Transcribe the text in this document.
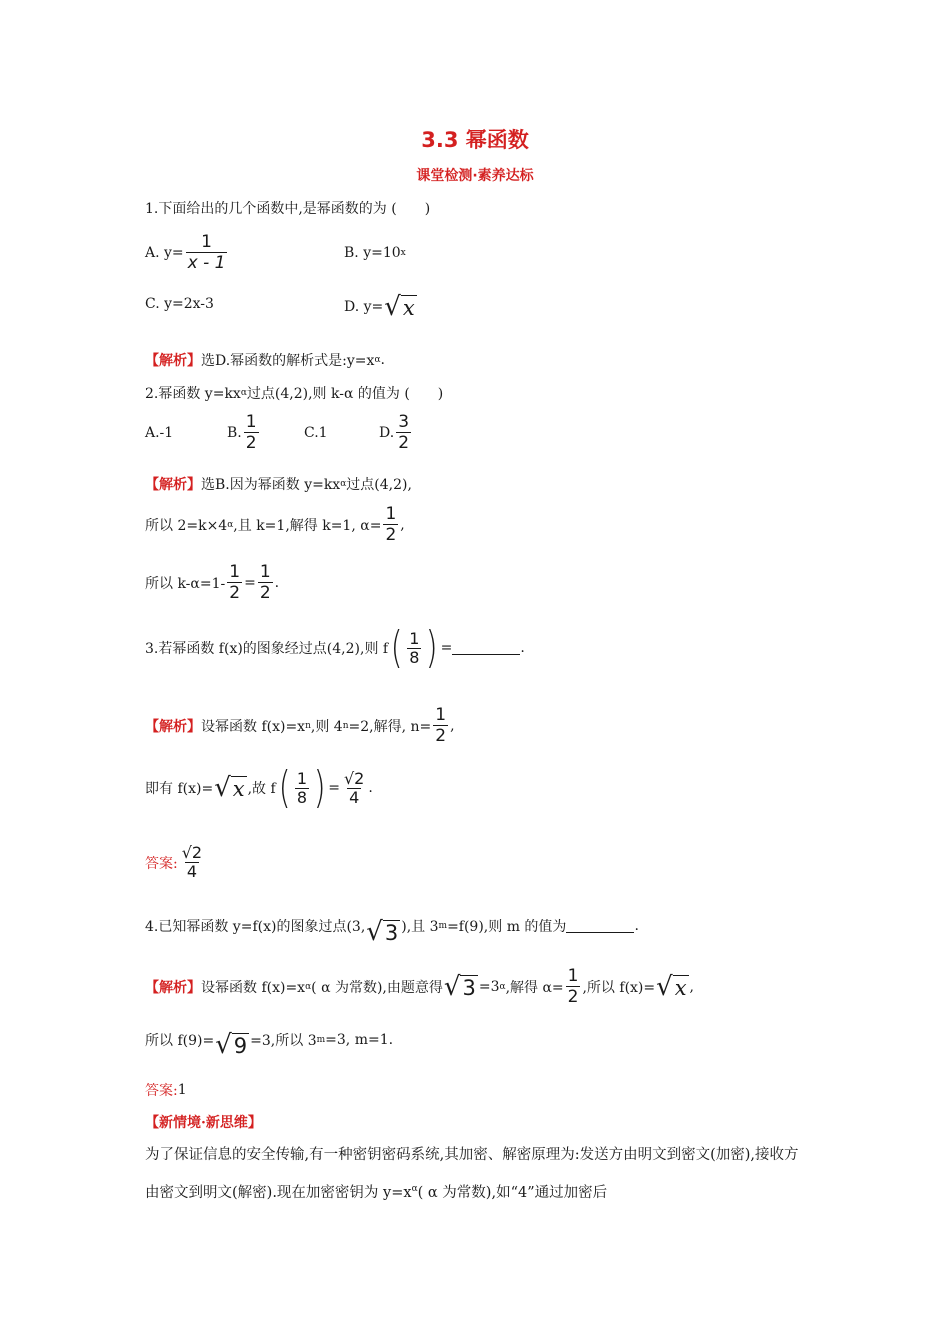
3.3 幂函数
课堂检测·素养达标
1.下面给出的几个函数中,是幂函数的为 (　　)
A. $y= \frac{1}{x - 1}$	B. y=10 x
C. y=2x-3	D. y= √ x
【解析】 选D.幂函数的解析式是:y=x α .
2.幂函数 y=kx α 过点(4,2),则 k-α 的值为 (　　)
A.-1	B. $\frac{1}{2}$	C.1	D. $\frac{3}{2}$
【解析】 选B.因为幂函数 y=kx α 过点(4,2),
所以 2=k×4 α ,且 k=1,解得 k=1, $\alpha= \frac{1}{2}$ ,
所以 $k-\alpha=1- \frac{1}{2} = \frac{1}{2}$ .
3.若幂函数 f(x)的图象经过点(4,2),则 f ( $\frac{1}{8}$ ) =	.
【解析】 设幂函数 f(x)=x n ,则 4 n =2,解得, $n= \frac{1}{2}$ ,
即有 f(x)= √ x ,故 f ( $\frac{1}{8}$ ) = $\frac{√2}{4}$ .
答案: $\frac{√2}{4}$
4.已知幂函数 y=f(x)的图象过点(3, √ 3 ),且 3 m =f(9),则 m 的值为	.
【解析】 设幂函数 f(x)=x α ( α 为常数),由题意得 √ 3 =3 α ,解得 $\alpha= \frac{1}{2}$ ,所以 f(x)= √ x ,
所以 f(9)= √ 9 =3,所以 3 m =3, m=1.
答案: 1
【新情境·新思维】
为了保证信息的安全传输,有一种密钥密码系统,其加密、解密原理为:发送方由明文到密文(加密),接收方由密文到明文(解密).现在加密密钥为 $y=x^\alpha$( α 为常数),如“4”通过加密后
